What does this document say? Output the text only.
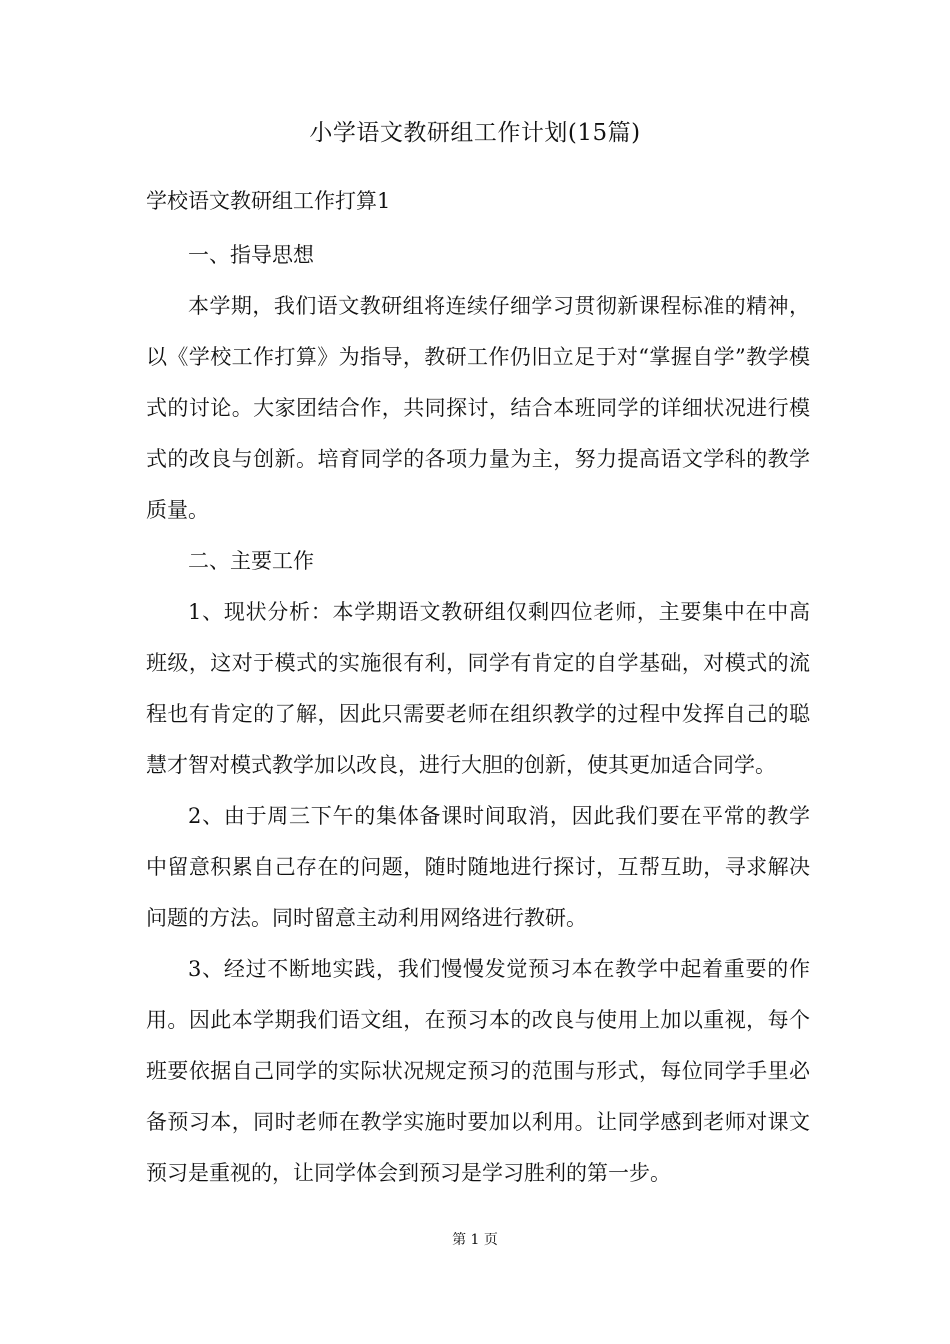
小学语文教研组工作计划(15篇)
学校语文教研组工作打算1

一、指导思想

本学期，我们语文教研组将连续仔细学习贯彻新课程标准的精神，以《学校工作打算》为指导，教研工作仍旧立足于对“掌握自学”教学模式的讨论。大家团结合作，共同探讨，结合本班同学的详细状况进行模式的改良与创新。培育同学的各项力量为主，努力提高语文学科的教学质量。

二、主要工作

1、现状分析：本学期语文教研组仅剩四位老师，主要集中在中高班级，这对于模式的实施很有利，同学有肯定的自学基础，对模式的流程也有肯定的了解，因此只需要老师在组织教学的过程中发挥自己的聪慧才智对模式教学加以改良，进行大胆的创新，使其更加适合同学。

2、由于周三下午的集体备课时间取消，因此我们要在平常的教学中留意积累自己存在的问题，随时随地进行探讨，互帮互助，寻求解决问题的方法。同时留意主动利用网络进行教研。

3、经过不断地实践，我们慢慢发觉预习本在教学中起着重要的作用。因此本学期我们语文组，在预习本的改良与使用上加以重视，每个班要依据自己同学的实际状况规定预习的范围与形式，每位同学手里必备预习本，同时老师在教学实施时要加以利用。让同学感到老师对课文预习是重视的，让同学体会到预习是学习胜利的第一步。

第 1 页
